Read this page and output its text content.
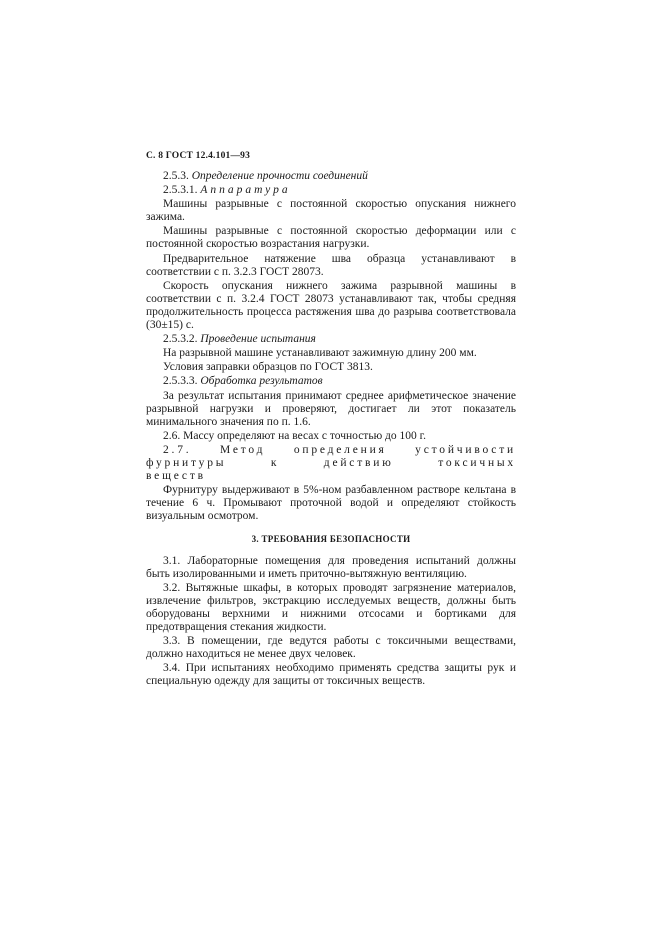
С. 8 ГОСТ 12.4.101—93

2.5.3. Определение прочности соединений

2.5.3.1. Аппаратура

Машины разрывные с постоянной скоростью опускания нижнего зажима.

Машины разрывные с постоянной скоростью деформации или с постоянной скоростью возрастания нагрузки.

Предварительное натяжение шва образца устанавливают в соответствии с п. 3.2.3 ГОСТ 28073.

Скорость опускания нижнего зажима разрывной машины в соответствии с п. 3.2.4 ГОСТ 28073 устанавливают так, чтобы средняя продолжительность процесса растяжения шва до разрыва соответствовала (30±15) с.

2.5.3.2. Проведение испытания

На разрывной машине устанавливают зажимную длину 200 мм.

Условия заправки образцов по ГОСТ 3813.

2.5.3.3. Обработка результатов

За результат испытания принимают среднее арифметическое значение разрывной нагрузки и проверяют, достигает ли этот показатель минимального значения по п. 1.6.

2.6. Массу определяют на весах с точностью до 100 г.

2.7. Метод определения устойчивости фурнитуры к действию токсичных веществ

Фурнитуру выдерживают в 5%-ном разбавленном растворе кельтана в течение 6 ч. Промывают проточной водой и определяют стойкость визуальным осмотром.

3. ТРЕБОВАНИЯ БЕЗОПАСНОСТИ

3.1. Лабораторные помещения для проведения испытаний должны быть изолированными и иметь приточно-вытяжную вентиляцию.

3.2. Вытяжные шкафы, в которых проводят загрязнение материалов, извлечение фильтров, экстракцию исследуемых веществ, должны быть оборудованы верхними и нижними отсосами и бортиками для предотвращения стекания жидкости.

3.3. В помещении, где ведутся работы с токсичными веществами, должно находиться не менее двух человек.

3.4. При испытаниях необходимо применять средства защиты рук и специальную одежду для защиты от токсичных веществ.
